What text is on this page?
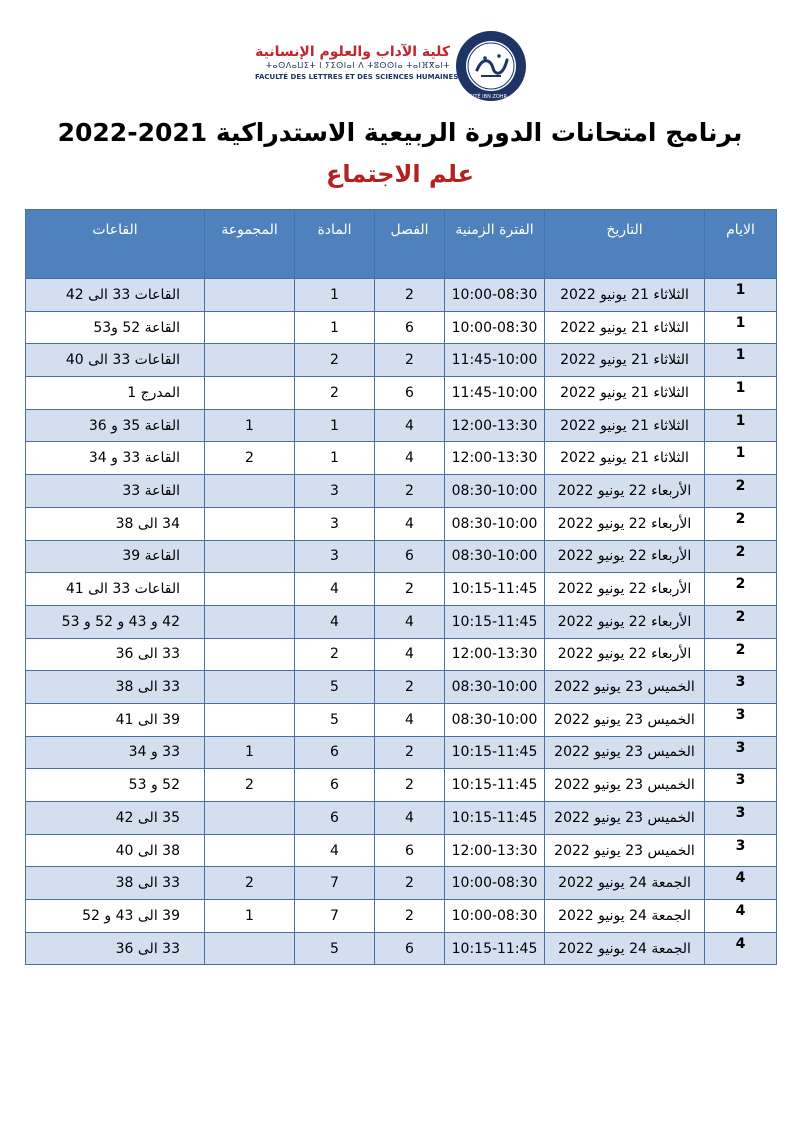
كلية الآداب والعلوم الإنسانية
ⵜⴰⵙⴷⴰⵡⵉⵜ ⵏ ⵢⵉⵙⵏⴰⵏ ⴷ ⵜⵓⵙⵙⵏⴰ ⵜⴰⵏⴼⴳⴰⵏⵜ
FACULTÉ DES LETTRES ET DES SCIENCES HUMAINES
UNIVERSITÉ IBN ZOHR · AGADIR
برنامج امتحانات الدورة الربيعية الاستدراكية 2021-2022
علم الاجتماع
الايام	التاريخ	الفترة الزمنية	الفصل	المادة	المجموعة	القاعات
1	الثلاثاء 21 يونيو 2022	10:00-08:30	2	1		القاعات 33 الى 42
1	الثلاثاء 21 يونيو 2022	10:00-08:30	6	1		القاعة 52 و53
1	الثلاثاء 21 يونيو 2022	11:45-10:00	2	2		القاعات 33 الى 40
1	الثلاثاء 21 يونيو 2022	11:45-10:00	6	2		المدرج 1
1	الثلاثاء 21 يونيو 2022	12:00-13:30	4	1	1	القاعة 35 و 36
1	الثلاثاء 21 يونيو 2022	12:00-13:30	4	1	2	القاعة 33 و 34
2	الأربعاء 22 يونيو 2022	08:30-10:00	2	3		القاعة 33
2	الأربعاء 22 يونيو 2022	08:30-10:00	4	3		34 الى 38
2	الأربعاء 22 يونيو 2022	08:30-10:00	6	3		القاعة 39
2	الأربعاء 22 يونيو 2022	10:15-11:45	2	4		القاعات 33 الى 41
2	الأربعاء 22 يونيو 2022	10:15-11:45	4	4		42 و 43 و 52 و 53
2	الأربعاء 22 يونيو 2022	12:00-13:30	4	2		33 الى 36
3	الخميس 23 يونيو 2022	08:30-10:00	2	5		33 الى 38
3	الخميس 23 يونيو 2022	08:30-10:00	4	5		39 الى 41
3	الخميس 23 يونيو 2022	10:15-11:45	2	6	1	33 و 34
3	الخميس 23 يونيو 2022	10:15-11:45	2	6	2	52 و 53
3	الخميس 23 يونيو 2022	10:15-11:45	4	6		35 الى 42
3	الخميس 23 يونيو 2022	12:00-13:30	6	4		38 الى 40
4	الجمعة 24 يونيو 2022	10:00-08:30	2	7	2	33 الى 38
4	الجمعة 24 يونيو 2022	10:00-08:30	2	7	1	39 الى 43 و 52
4	الجمعة 24 يونيو 2022	10:15-11:45	6	5		33 الى 36
